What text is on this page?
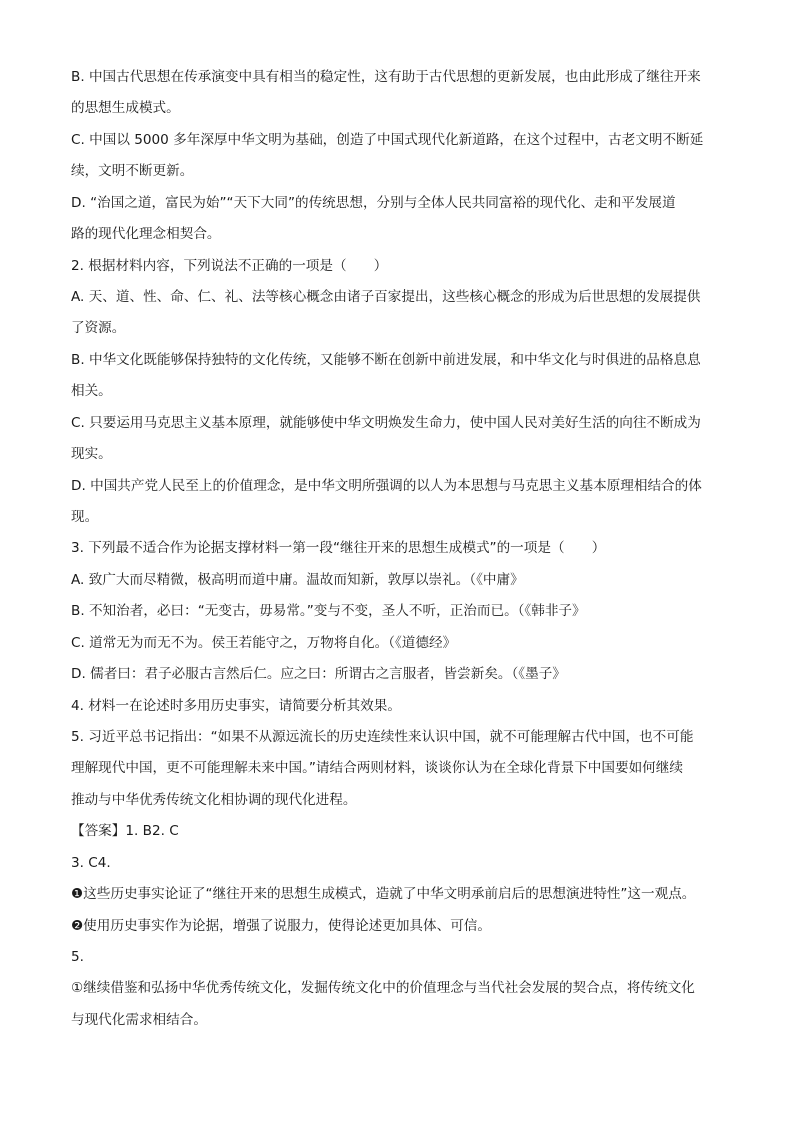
B. 中国古代思想在传承演变中具有相当的稳定性，这有助于古代思想的更新发展，也由此形成了继往开来
的思想生成模式。
C. 中国以 5000 多年深厚中华文明为基础，创造了中国式现代化新道路，在这个过程中，古老文明不断延
续，文明不断更新。
D. “治国之道，富民为始”“天下大同”的传统思想，分别与全体人民共同富裕的现代化、走和平发展道
路的现代化理念相契合。
2. 根据材料内容，下列说法不正确的一项是（　　）
A. 天、道、性、命、仁、礼、法等核心概念由诸子百家提出，这些核心概念的形成为后世思想的发展提供
了资源。
B. 中华文化既能够保持独特的文化传统，又能够不断在创新中前进发展，和中华文化与时俱进的品格息息
相关。
C. 只要运用马克思主义基本原理，就能够使中华文明焕发生命力，使中国人民对美好生活的向往不断成为
现实。
D. 中国共产党人民至上的价值理念，是中华文明所强调的以人为本思想与马克思主义基本原理相结合的体
现。
3. 下列最不适合作为论据支撑材料一第一段“继往开来的思想生成模式”的一项是（　　）
A. 致广大而尽精微，极高明而道中庸。温故而知新，敦厚以崇礼。（《中庸》
B. 不知治者，必曰：“无变古，毋易常。”变与不变，圣人不听，正治而已。（《韩非子》
C. 道常无为而无不为。侯王若能守之，万物将自化。（《道德经》
D. 儒者曰：君子必服古言然后仁。应之曰：所谓古之言服者，皆尝新矣。（《墨子》
4. 材料一在论述时多用历史事实，请简要分析其效果。
5. 习近平总书记指出：“如果不从源远流长的历史连续性来认识中国，就不可能理解古代中国，也不可能
理解现代中国，更不可能理解未来中国。”请结合两则材料，谈谈你认为在全球化背景下中国要如何继续
推动与中华优秀传统文化相协调的现代化进程。
【答案】1. B2. C
3. C4.
❶这些历史事实论证了“继往开来的思想生成模式，造就了中华文明承前启后的思想演进特性”这一观点。
❷使用历史事实作为论据，增强了说服力，使得论述更加具体、可信。
5.
①继续借鉴和弘扬中华优秀传统文化，发掘传统文化中的价值理念与当代社会发展的契合点，将传统文化
与现代化需求相结合。
